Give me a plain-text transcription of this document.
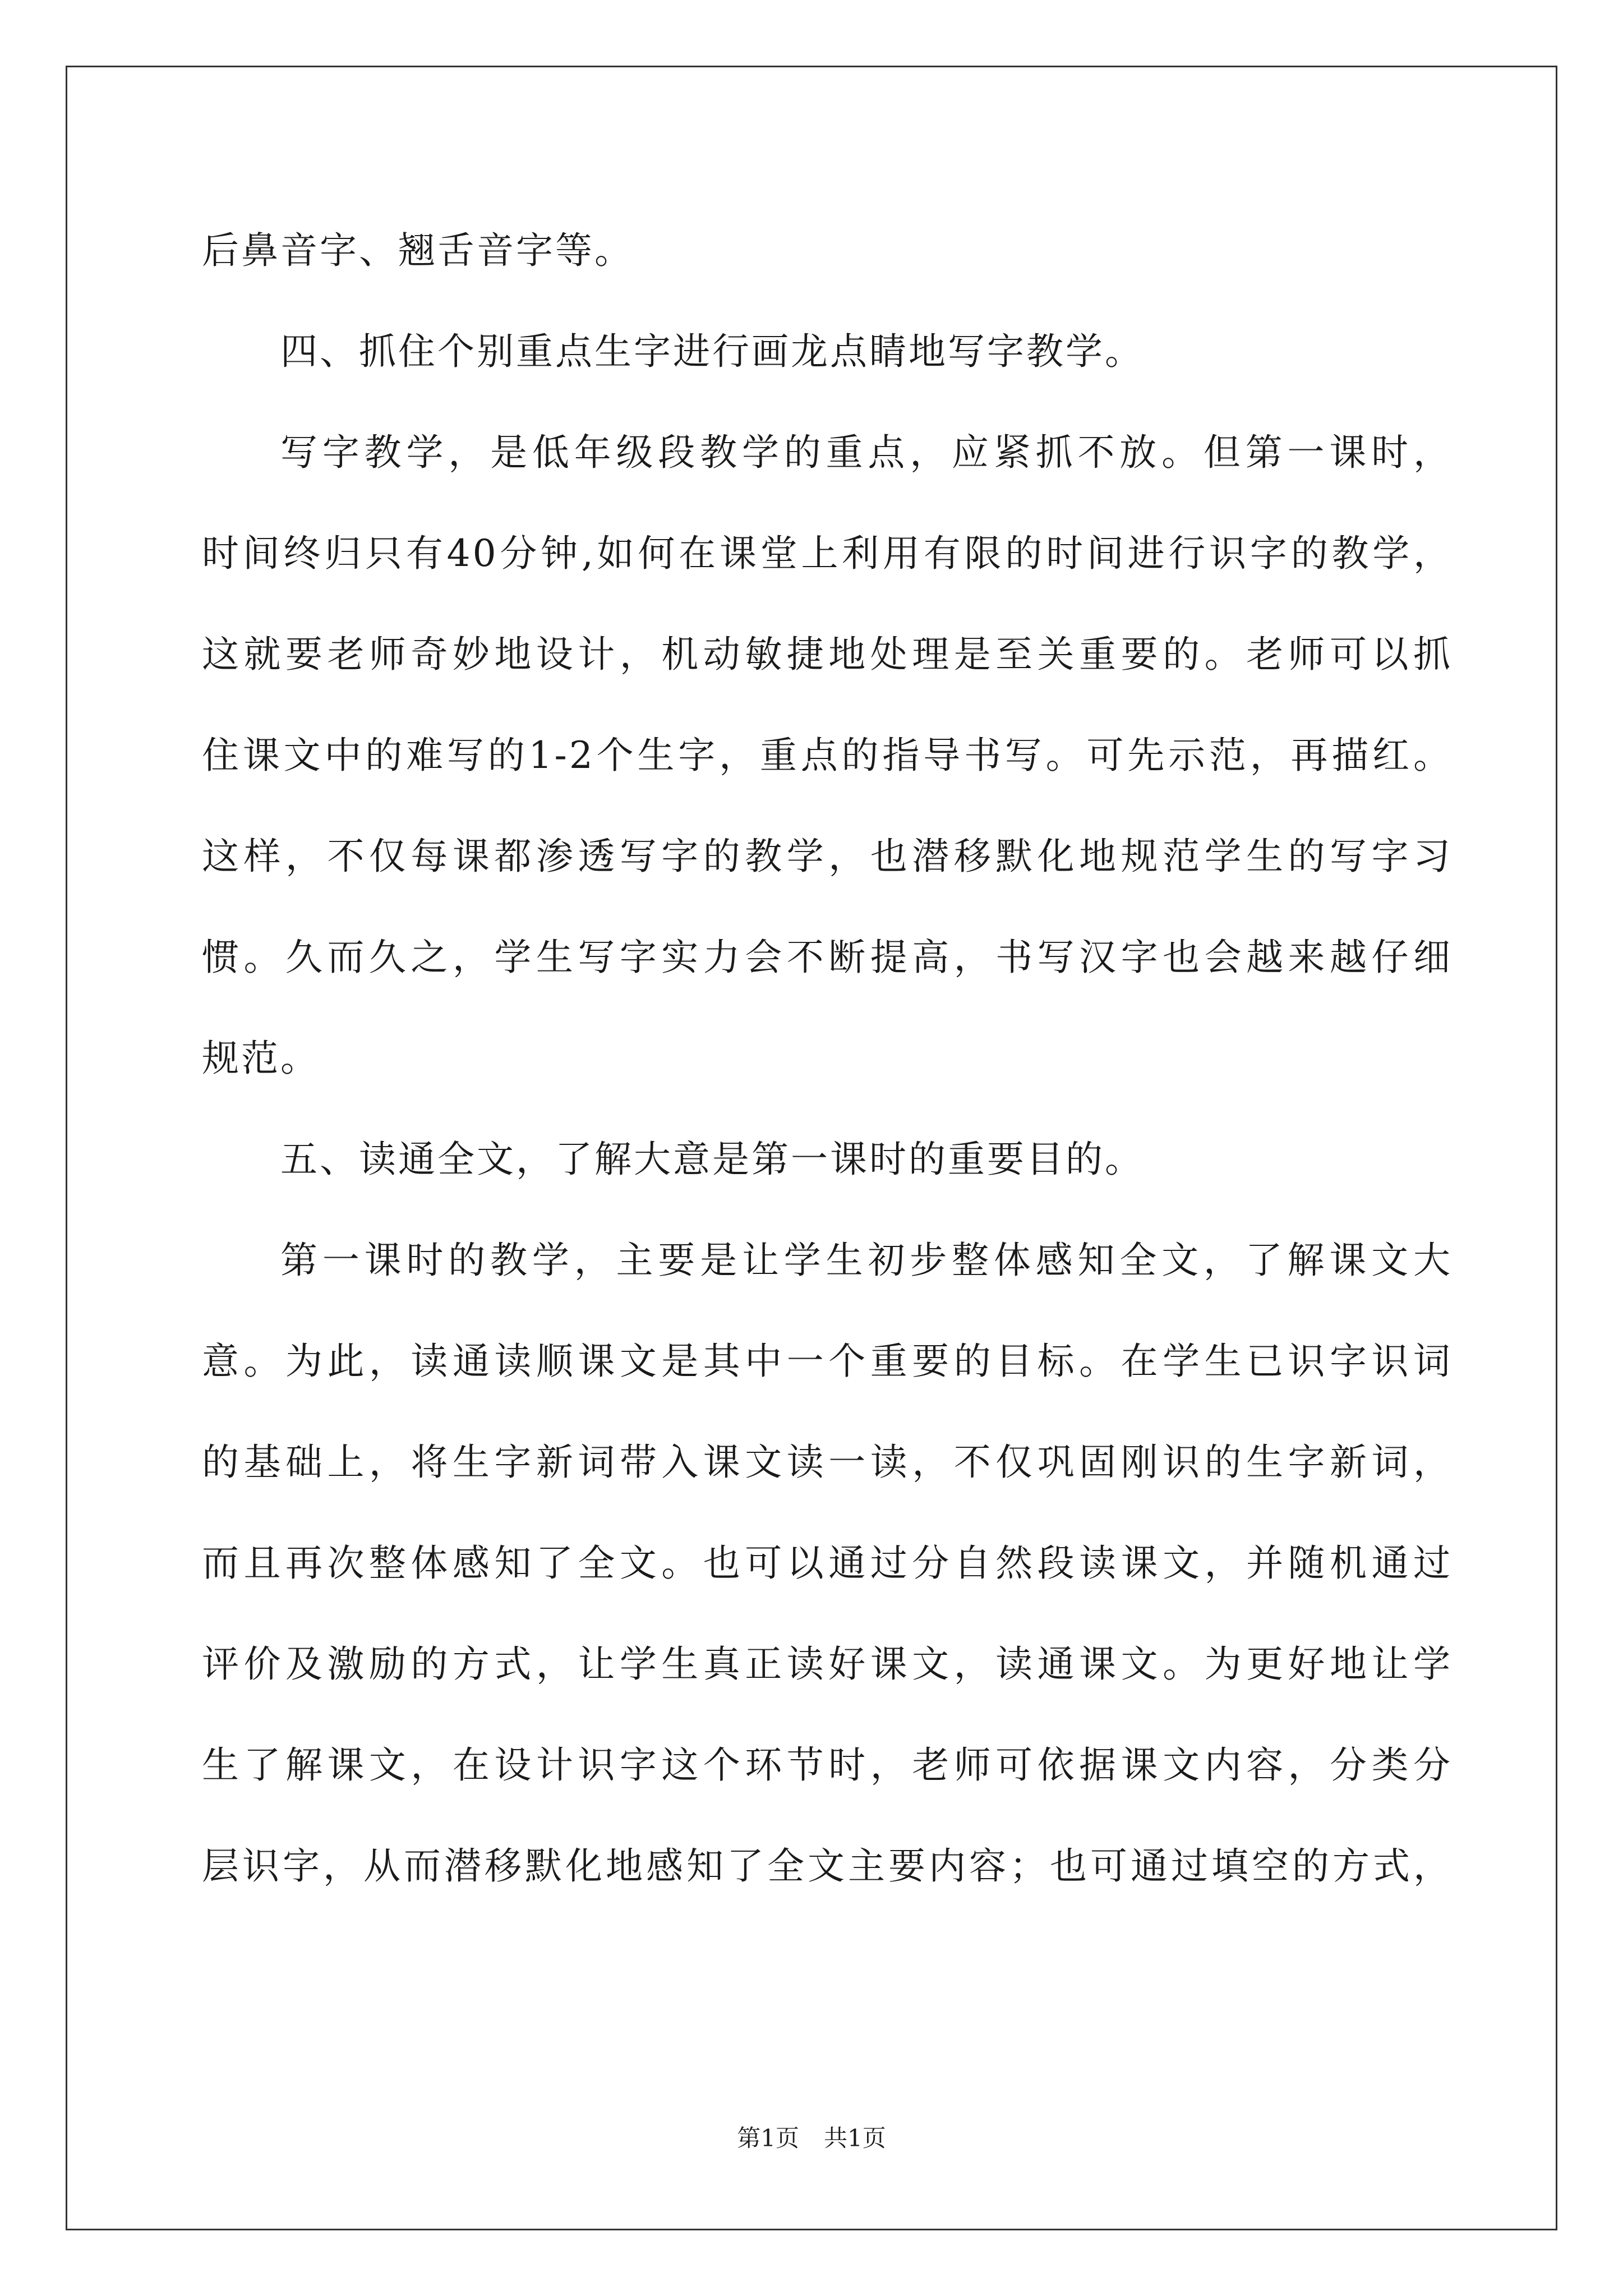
后鼻音字、翘舌音字等。
四、抓住个别重点生字进行画龙点睛地写字教学。
写字教学，是低年级段教学的重点，应紧抓不放。但第一课时，
时间终归只有40分钟,如何在课堂上利用有限的时间进行识字的教学，
这就要老师奇妙地设计，机动敏捷地处理是至关重要的。老师可以抓
住课文中的难写的1-2个生字，重点的指导书写。可先示范，再描红。
这样，不仅每课都渗透写字的教学，也潜移默化地规范学生的写字习
惯。久而久之，学生写字实力会不断提高，书写汉字也会越来越仔细
规范。
五、读通全文，了解大意是第一课时的重要目的。
第一课时的教学，主要是让学生初步整体感知全文，了解课文大
意。为此，读通读顺课文是其中一个重要的目标。在学生已识字识词
的基础上，将生字新词带入课文读一读，不仅巩固刚识的生字新词，
而且再次整体感知了全文。也可以通过分自然段读课文，并随机通过
评价及激励的方式，让学生真正读好课文，读通课文。为更好地让学
生了解课文，在设计识字这个环节时，老师可依据课文内容，分类分
层识字，从而潜移默化地感知了全文主要内容；也可通过填空的方式，
第1页 共1页
